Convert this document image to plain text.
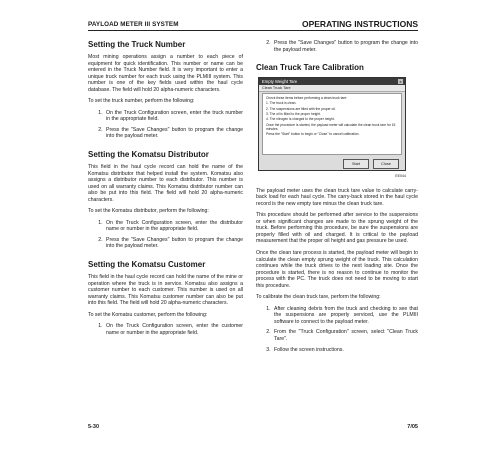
PAYLOAD METER III SYSTEM	OPERATING INSTRUCTIONS
Setting the Truck Number

Most mining operations assign a number to each piece of equipment for quick identification. This number or name can be entered in the Truck Number field. It is very important to enter a unique truck number for each truck using the PLMIII system. This number is one of the key fields used within the haul cycle database. The field will hold 20 alpha-numeric characters.

To set the truck number, perform the following:

1. On the Truck Configuration screen, enter the truck number in the appropriate field.
2. Press the "Save Changes" button to program the change into the payload meter.
Setting the Komatsu Distributor

This field in the haul cycle record can hold the name of the Komatsu distributor that helped install the system. Komatsu also assigns a distributor number to each distributor. This number is used on all warranty claims. This Komatsu distributor number can also be put into this field. The field will hold 20 alpha-numeric characters.

To set the Komatsu distributor, perform the following:

1. On the Truck Configuration screen, enter the distributor name or number in the appropriate field.
2. Press the "Save Changes" button to program the change into the payload meter.
Setting the Komatsu Customer

This field in the haul cycle record can hold the name of the mine or operation where the truck is in service. Komatsu also assigns a customer number to each customer. This number is used on all warranty claims. This Komatsu customer number can also be put into this field. The field will hold 20 alpha-numeric characters.

To set the Komatsu customer, perform the following:

1. On the Truck Configuration screen, enter the customer name or number in the appropriate field.
2. Press the "Save Changes" button to program the change into the payload meter.
Clean Truck Tare Calibration
Empty Weight Tare	x
Clean Truck Tare
Check these items before performing a clean truck tare:
1. The truck is clean.
2. The suspensions are filled with the proper oil.
3. The oil is filled to the proper height.
4. The nitrogen is charged to the proper height.
Once the procedure is started, the payload meter will calculate the clean truck tare for 15 minutes.
Press the "Start" button to begin or "Close" to cancel calibration.
Start	Close
EE044

The payload meter uses the clean truck tare value to calculate carry-back load for each haul cycle. The carry-back stored in the haul cycle record is the new empty tare minus the clean truck tare.

This procedure should be performed after service to the suspensions or when significant changes are made to the sprung weight of the truck. Before performing this procedure, be sure the suspensions are properly filled with oil and charged. It is critical to the payload measurement that the proper oil height and gas pressure be used.

Once the clean tare process is started, the payload meter will begin to calculate the clean empty sprung weight of the truck. This calculation continues while the truck drives to the next loading site. Once the procedure is started, there is no reason to continue to monitor the process with the PC. The truck does not need to be moving to start this procedure.

To calibrate the clean truck tare, perform the following:

1. After cleaning debris from the truck and checking to see that the suspensions are properly serviced, use the PLMIII software to connect to the payload meter.
2. From the "Truck Configuration" screen, select "Clean Truck Tare".
3. Follow the screen instructions.
5-30	7/05
